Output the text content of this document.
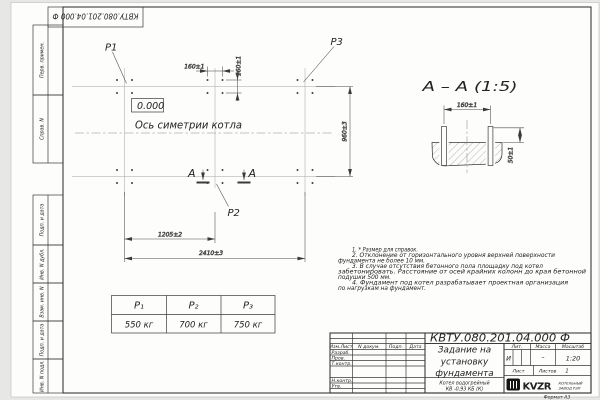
КВТУ.080.201.04.000 Ф
Перв. примен.
Справ. N
Подп. и дата
Инв. N дубл.
Взам. инв. N
Подп. и дата
Инв. N подл.
P1	P3
P2
0.000
Ось симетрии котла
A	A
160±1	160±1
960±3
1205±2
2410±3
А – А (1:5)
160±1
50±1
1. * Размер для справок.
2. Отклонение от горизонтального уровня верхней поверхности
фундамента не более 10 мм.
3. В случае отсутствия бетонного пола площадку под котел
забетонировать. Расстояние от осей крайних колонн до края бетонной
подушки 500 мм.
4. Фундамент под котел разрабатывает проектная организация
по нагрузкам на фундамент.
P₁	P₂	P₃
550 кг	700 кг	750 кг
КВТУ.080.201.04.000 Ф
Изм.Лист N докум. Подп. Дата
Разраб.
Пров.
Т.контр.
Н.контр.
Утв.
Задание на
установку
фундамента
Котел водогрейный
КВ -0,93 КБ (К)
Лит.	Масса Масштаб
И	–	1:20
Лист	Листов 1
KVZR КОТЕЛЬНЫЙ
ЗАВОД РЭП
Формат А3
